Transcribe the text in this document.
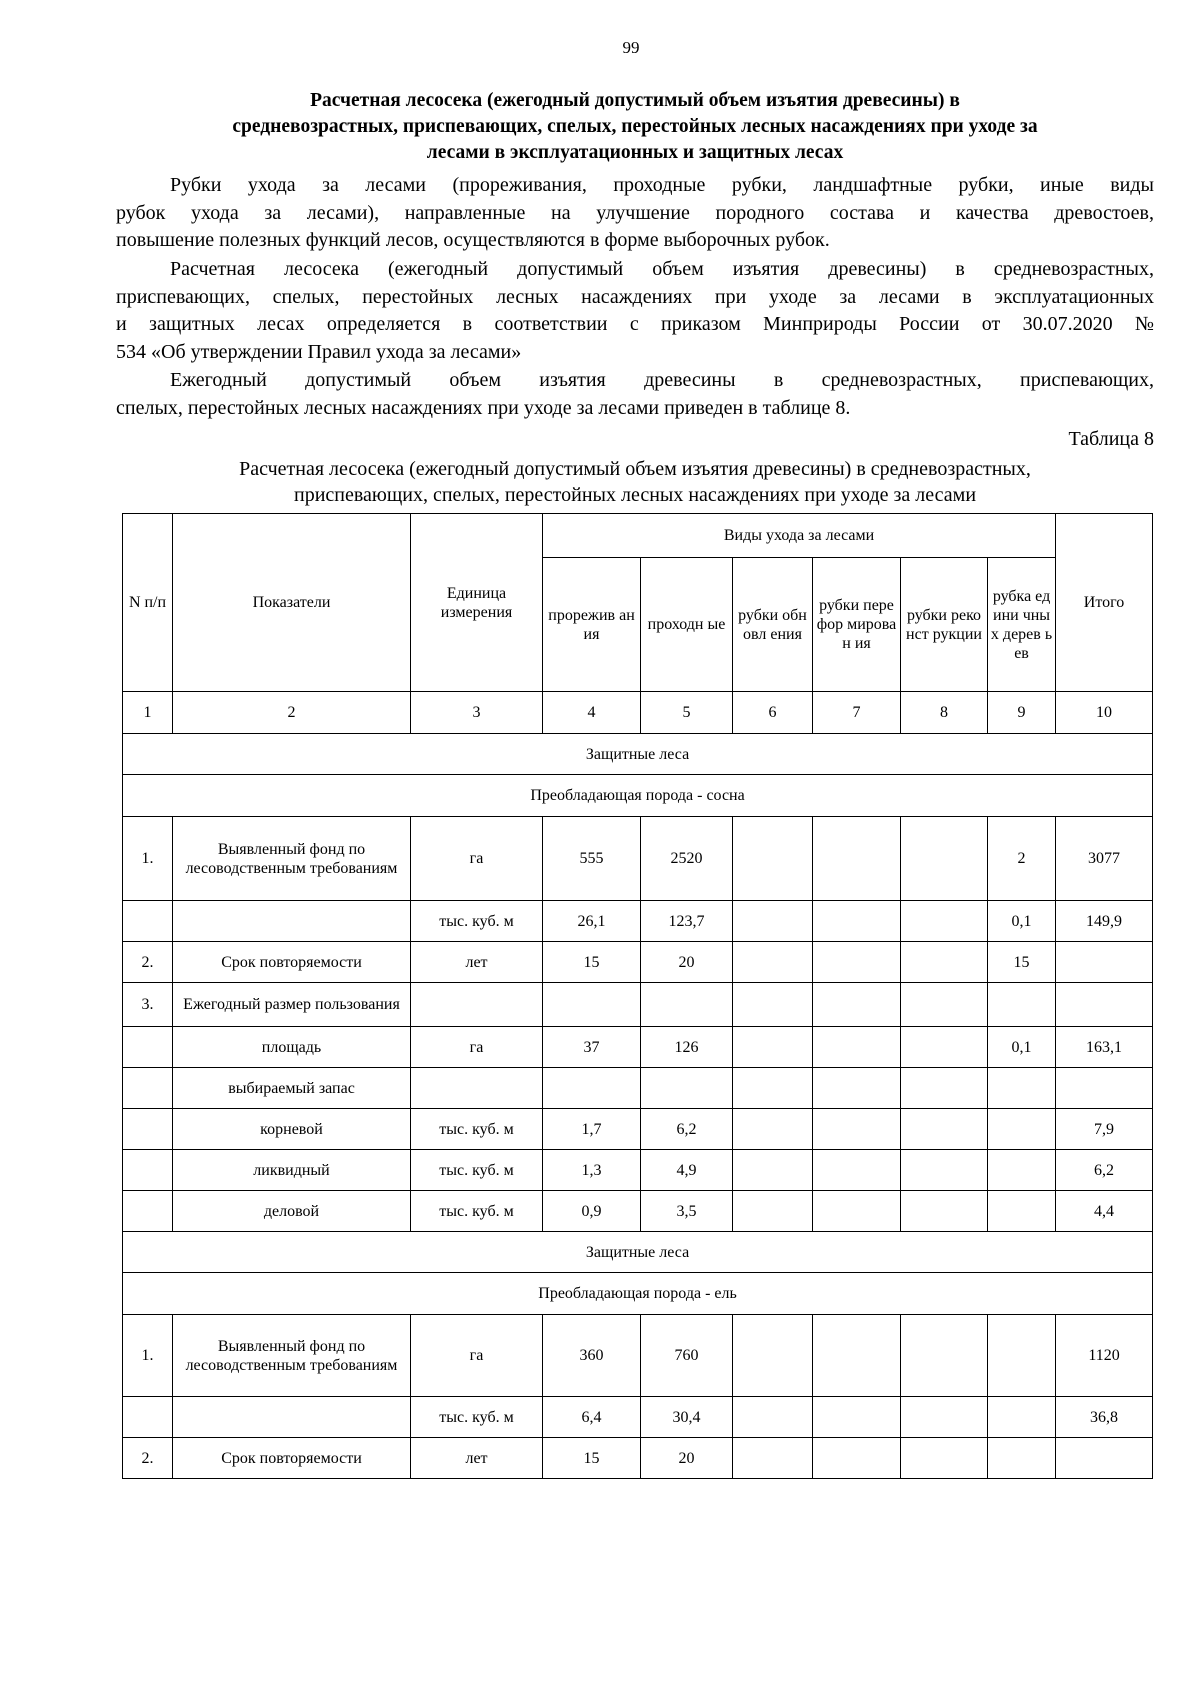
99
Расчетная лесосека (ежегодный допустимый объем изъятия древесины) в
средневозрастных, приспевающих, спелых, перестойных лесных насаждениях при уходе за
лесами в эксплуатационных и защитных лесах
Рубки ухода за лесами (прореживания, проходные рубки, ландшафтные рубки, иные виды
рубок ухода за лесами), направленные на улучшение породного состава и качества древостоев,
повышение полезных функций лесов, осуществляются в форме выборочных рубок.
Расчетная лесосека (ежегодный допустимый объем изъятия древесины) в средневозрастных,
приспевающих, спелых, перестойных лесных насаждениях при уходе за лесами в эксплуатационных
и защитных лесах определяется в соответствии с приказом Минприроды России от 30.07.2020 №
534 «Об утверждении Правил ухода за лесами»
Ежегодный допустимый объем изъятия древесины в средневозрастных, приспевающих,
спелых, перестойных лесных насаждениях при уходе за лесами приведен в таблице 8.
Таблица 8
Расчетная лесосека (ежегодный допустимый объем изъятия древесины) в средневозрастных,
приспевающих, спелых, перестойных лесных насаждениях при уходе за лесами
N п/п	Показатели	Единица измерения	Виды ухода за лесами						Итого
			прорежив ания	проходн ые	рубки обновл ения	рубки перефор мирован ия	рубки реконст рукции	рубка едини чных дерев ьев	
1	2	3	4	5	6	7	8	9	10
Защитные леса									
Преобладающая порода - сосна									
1.	Выявленный фонд по лесоводственным требованиям	га	555	2520				2	3077
		тыс. куб. м	26,1	123,7				0,1	149,9
2.	Срок повторяемости	лет	15	20				15	
3.	Ежегодный размер пользования								
	площадь	га	37	126				0,1	163,1
	выбираемый запас								
	корневой	тыс. куб. м	1,7	6,2					7,9
	ликвидный	тыс. куб. м	1,3	4,9					6,2
	деловой	тыс. куб. м	0,9	3,5					4,4
Защитные леса									
Преобладающая порода - ель									
1.	Выявленный фонд по лесоводственным требованиям	га	360	760					1120
		тыс. куб. м	6,4	30,4					36,8
2.	Срок повторяемости	лет	15	20					
